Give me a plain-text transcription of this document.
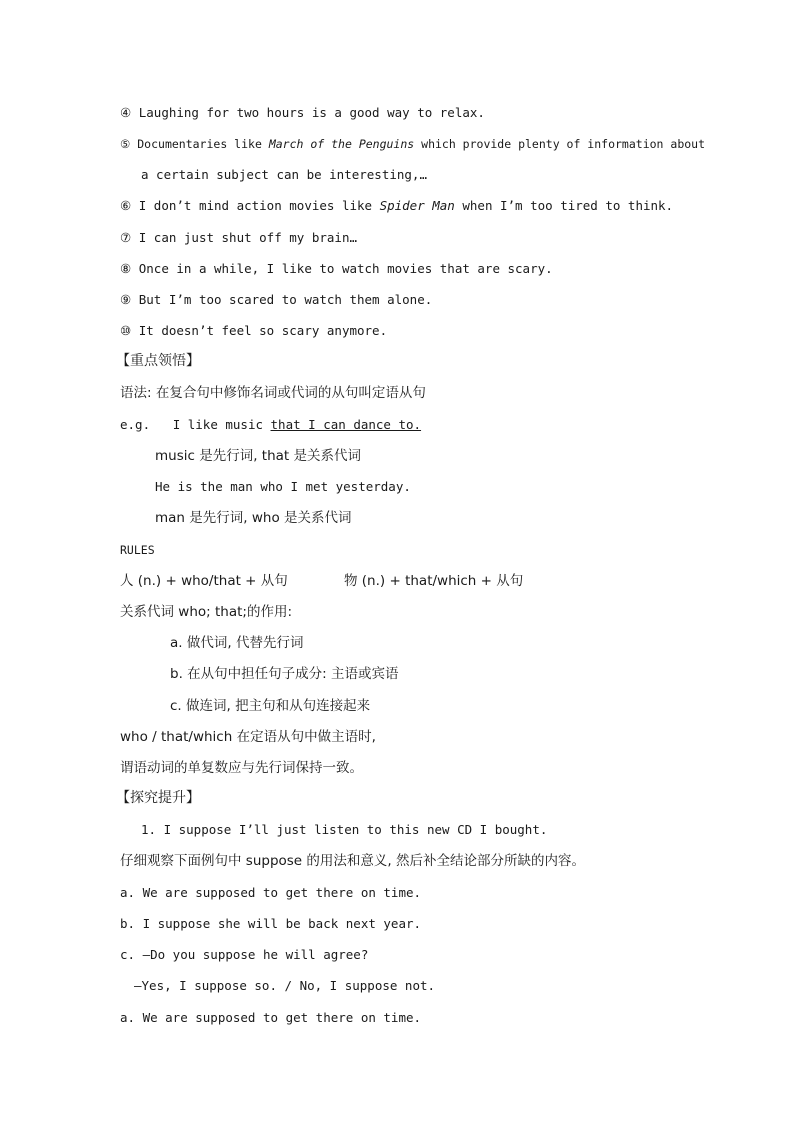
④ Laughing for two hours is a good way to relax.
⑤ Documentaries like March of the Penguins which provide plenty of information about
a certain subject can be interesting,…
⑥ I don’t mind action movies like Spider Man when I’m too tired to think.
⑦ I can just shut off my brain…
⑧ Once in a while, I like to watch movies that are scary.
⑨ But I’m too scared to watch them alone.
⑩ It doesn’t feel so scary anymore.
【重点领悟】
语法: 在复合句中修饰名词或代词的从句叫定语从句
e.g. I like music that I can dance to.
music 是先行词, that 是关系代词
He is the man who I met yesterday.
man 是先行词, who 是关系代词
RULES
人 (n.) + who/that + 从句	物 (n.) + that/which + 从句
关系代词 who; that;的作用:
a. 做代词, 代替先行词
b. 在从句中担任句子成分: 主语或宾语
c. 做连词, 把主句和从句连接起来
who / that/which 在定语从句中做主语时,
谓语动词的单复数应与先行词保持一致。
【探究提升】
1. I suppose I’ll just listen to this new CD I bought.
仔细观察下面例句中 suppose 的用法和意义, 然后补全结论部分所缺的内容。
a. We are supposed to get there on time.
b. I suppose she will be back next year.
c. —Do you suppose he will agree?
—Yes, I suppose so. / No, I suppose not.
a. We are supposed to get there on time.
